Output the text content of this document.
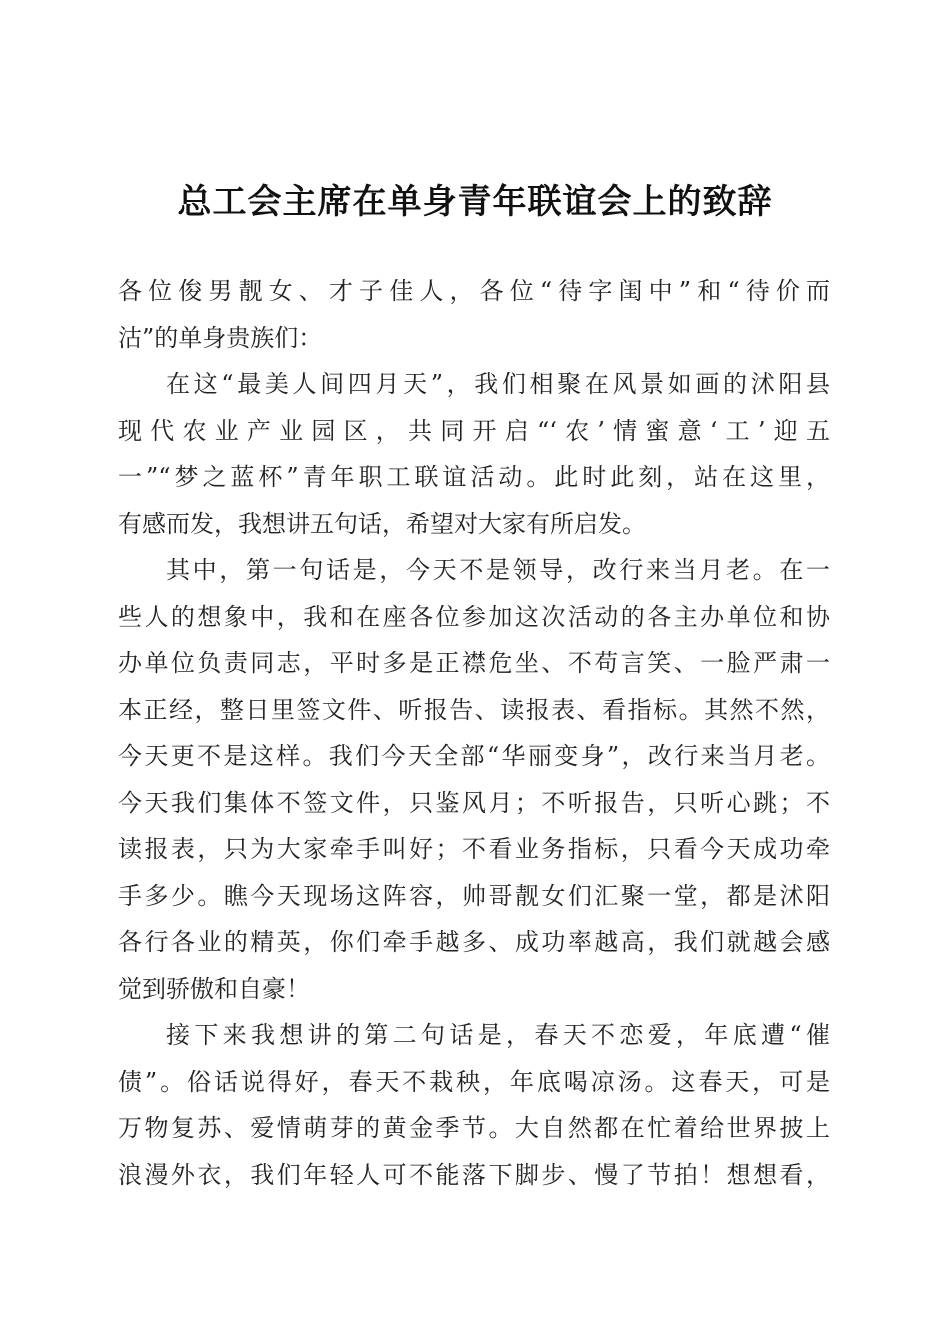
总工会主席在单身青年联谊会上的致辞
各位俊男靓女、才子佳人，各位“待字闺中”和“待价而
沽”的单身贵族们：
在这“最美人间四月天”，我们相聚在风景如画的沭阳县
现代农业产业园区，共同开启“‘农’情蜜意‘工’迎五
一”“梦之蓝杯”青年职工联谊活动。此时此刻，站在这里，
有感而发，我想讲五句话，希望对大家有所启发。
其中，第一句话是，今天不是领导，改行来当月老。在一
些人的想象中，我和在座各位参加这次活动的各主办单位和协
办单位负责同志，平时多是正襟危坐、不苟言笑、一脸严肃一
本正经，整日里签文件、听报告、读报表、看指标。其然不然，
今天更不是这样。我们今天全部“华丽变身”，改行来当月老。
今天我们集体不签文件，只鉴风月；不听报告，只听心跳；不
读报表，只为大家牵手叫好；不看业务指标，只看今天成功牵
手多少。瞧今天现场这阵容，帅哥靓女们汇聚一堂，都是沭阳
各行各业的精英，你们牵手越多、成功率越高，我们就越会感
觉到骄傲和自豪！
接下来我想讲的第二句话是，春天不恋爱，年底遭“催
债”。俗话说得好，春天不栽秧，年底喝凉汤。这春天，可是
万物复苏、爱情萌芽的黄金季节。大自然都在忙着给世界披上
浪漫外衣，我们年轻人可不能落下脚步、慢了节拍！想想看，
